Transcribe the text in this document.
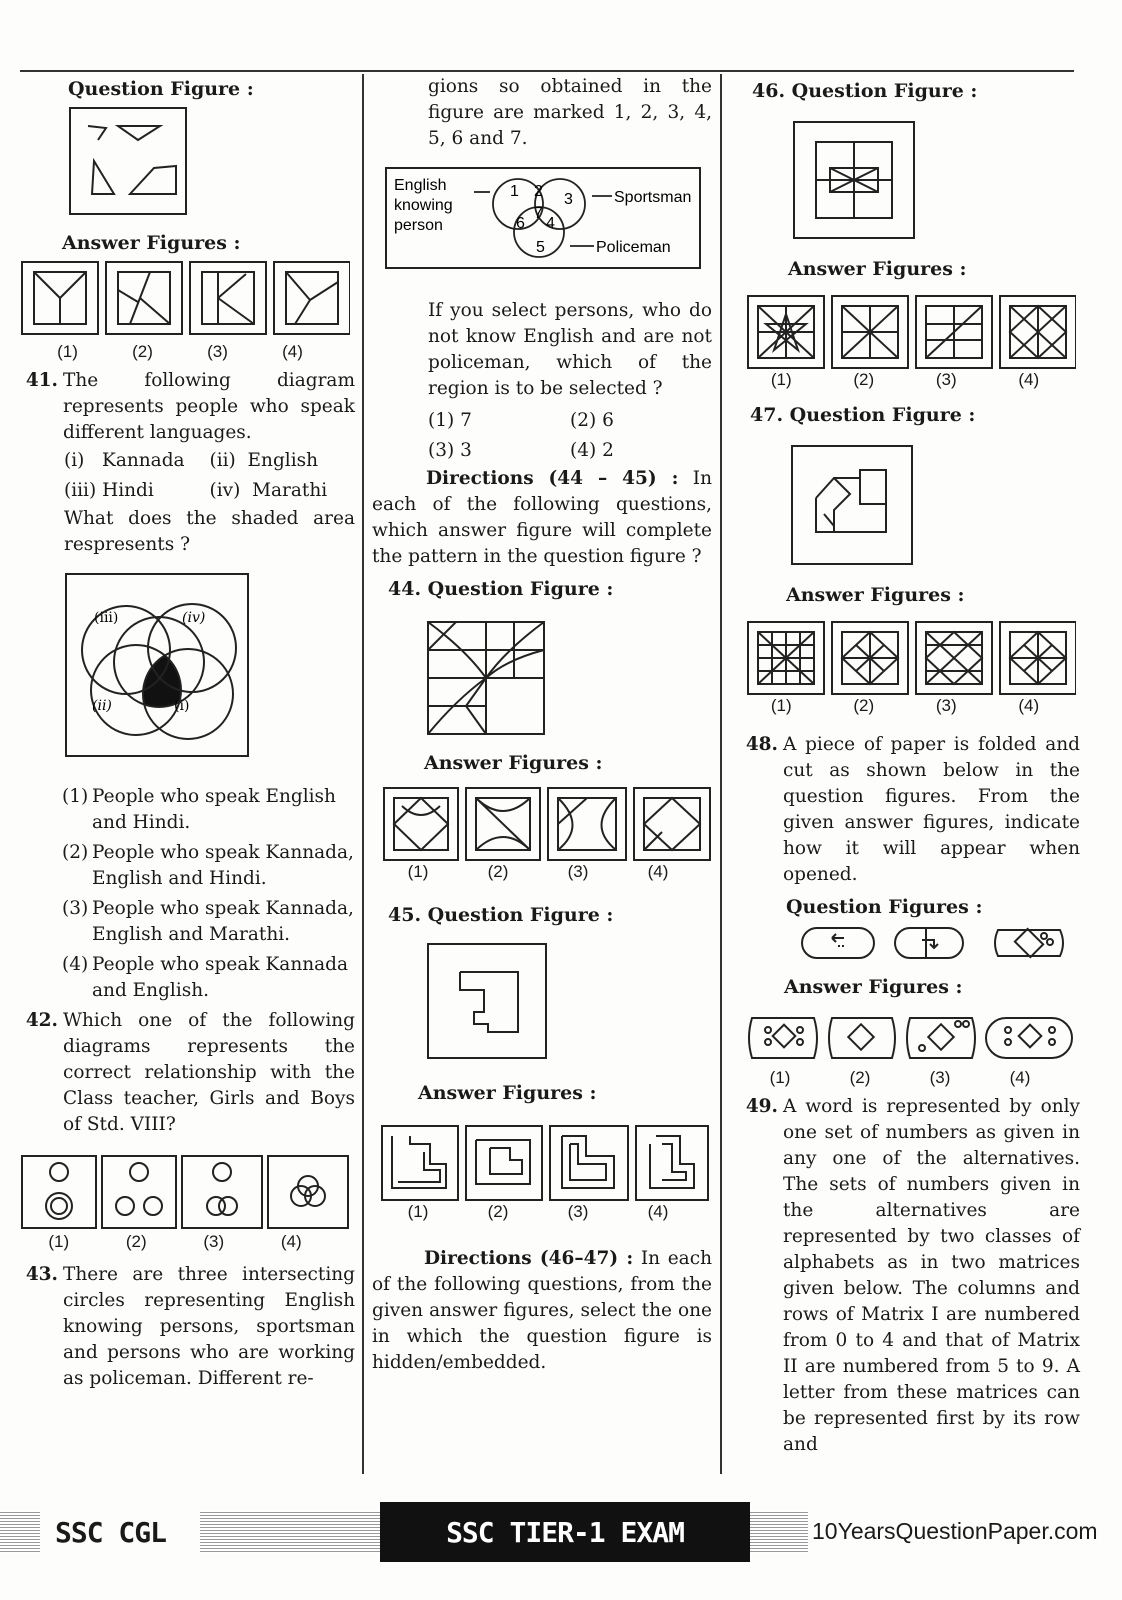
Question Figure :
Answer Figures :
(1)	(2)	(3)	(4)
41. The following diagram represents people who speak different languages.
(i)   Kannada	(ii)  English
(iii) Hindi	(iv)  Marathi

What does the shaded area respresents ?

(iii)	(iv)
(ii)	(i)
(1) People who speak English and Hindi.
(2) People who speak Kannada, English and Hindi.
(3) People who speak Kannada, English and Marathi.
(4) People who speak Kannada and English.
42. Which one of the following diagrams represents the correct relationship with the Class teacher, Girls and Boys of Std. VIII?
(1)	(2)	(3)	(4)
43. There are three intersecting circles representing English knowing persons, sportsman and persons who are working as policeman. Different re-

gions so obtained in the figure are marked 1, 2, 3, 4, 5, 6 and 7.

English
knowing
person
Sportsman
Policeman
1 2 3
6
7
4
5

If you select persons, who do not know English and are not policeman, which of the region is to be selected ?

(1) 7	(2) 6
(3) 3	(4) 2

Directions (44 – 45) : In each of the following questions, which answer figure will complete the pattern in the question figure ?

44. Question Figure :
Answer Figures :
(1)	(2)	(3)	(4)
45. Question Figure :
Answer Figures :
(1)	(2)	(3)	(4)

Directions (46–47) : In each of the following questions, from the given answer figures, select the one in which the question figure is hidden/embedded.

46. Question Figure :
Answer Figures :
(1)	(2)	(3)	(4)
47. Question Figure :
Answer Figures :
(1)	(2)	(3)	(4)
48. A piece of paper is folded and cut as shown below in the question figures. From the given answer figures, indicate how it will appear when opened.
Question Figures :
Answer Figures :
(1)	(2)	(3)	(4)
49. A word is represented by only one set of numbers as given in any one of the alternatives. The sets of numbers given in the alternatives are represented by two classes of alphabets as in two matrices given below. The columns and rows of Matrix I are numbered from 0 to 4 and that of Matrix II are numbered from 5 to 9. A letter from these matrices can be represented first by its row and
SSC CGL	SSC TIER-1 EXAM	10YearsQuestionPaper.com
